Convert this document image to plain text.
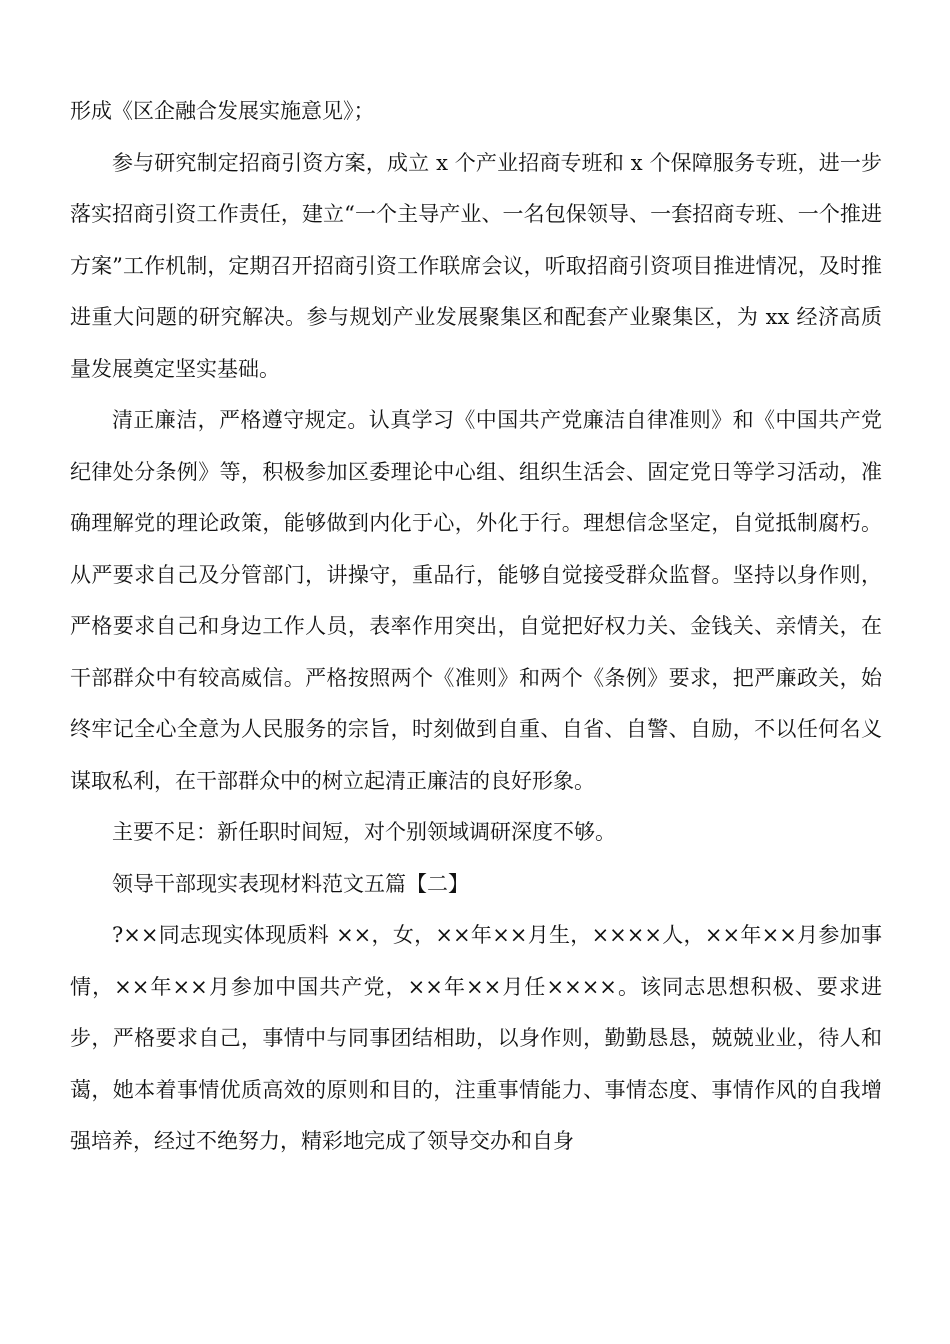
形成《区企融合发展实施意见》；

参与研究制定招商引资方案，成立 x 个产业招商专班和 x 个保障服务专班，进一步落实招商引资工作责任，建立“一个主导产业、一名包保领导、一套招商专班、一个推进方案”工作机制，定期召开招商引资工作联席会议，听取招商引资项目推进情况，及时推进重大问题的研究解决。参与规划产业发展聚集区和配套产业聚集区，为 xx 经济高质量发展奠定坚实基础。

清正廉洁，严格遵守规定。认真学习《中国共产党廉洁自律准则》和《中国共产党纪律处分条例》等，积极参加区委理论中心组、组织生活会、固定党日等学习活动，准确理解党的理论政策，能够做到内化于心，外化于行。理想信念坚定，自觉抵制腐朽。从严要求自己及分管部门，讲操守，重品行，能够自觉接受群众监督。坚持以身作则，严格要求自己和身边工作人员，表率作用突出，自觉把好权力关、金钱关、亲情关，在干部群众中有较高威信。严格按照两个《准则》和两个《条例》要求，把严廉政关，始终牢记全心全意为人民服务的宗旨，时刻做到自重、自省、自警、自励，不以任何名义谋取私利，在干部群众中的树立起清正廉洁的良好形象。

主要不足：新任职时间短，对个别领域调研深度不够。

领导干部现实表现材料范文五篇【二】

?××同志现实体现质料 ××，女，××年××月生，××××人，××年××月参加事情，××年××月参加中国共产党，××年××月任××××。该同志思想积极、要求进步，严格要求自己，事情中与同事团结相助，以身作则，勤勤恳恳，兢兢业业，待人和蔼，她本着事情优质高效的原则和目的，注重事情能力、事情态度、事情作风的自我增强培养，经过不绝努力，精彩地完成了领导交办和自身
